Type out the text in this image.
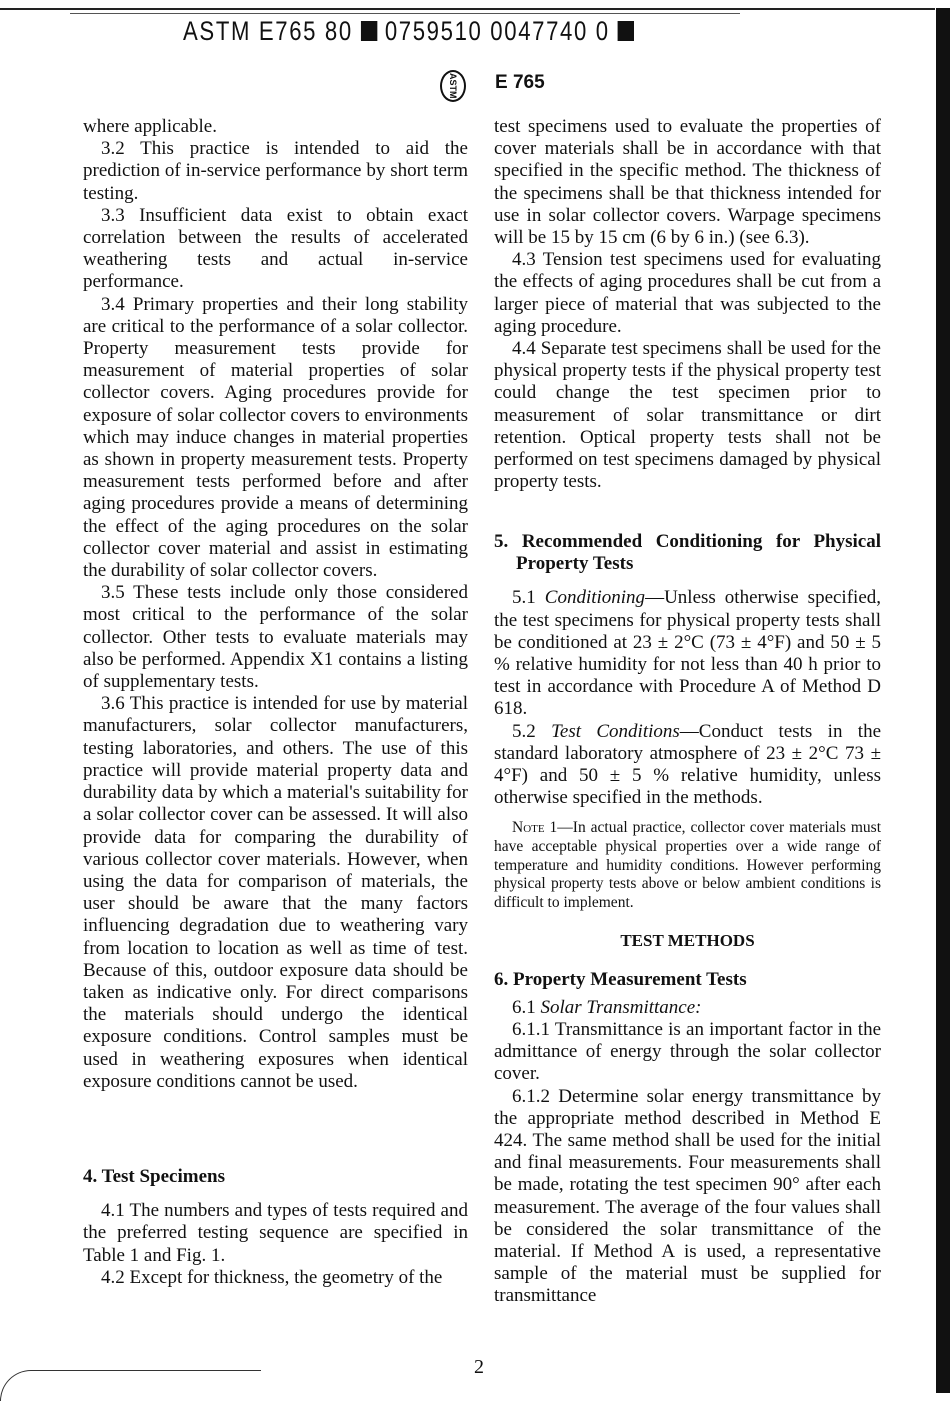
ASTM E765 80 0759510 0047740 0
ASTM	E 765

where applicable.

3.2 This practice is intended to aid the prediction of in-service performance by short term testing.

3.3 Insufficient data exist to obtain exact correlation between the results of accelerated weathering tests and actual in-service performance.

3.4 Primary properties and their long stability are critical to the performance of a solar collector. Property measurement tests provide for measurement of material properties of solar collector covers. Aging procedures provide for exposure of solar collector covers to environments which may induce changes in material properties as shown in property measurement tests. Property measurement tests performed before and after aging procedures provide a means of determining the effect of the aging procedures on the solar collector cover material and assist in estimating the durability of solar collector covers.

3.5 These tests include only those considered most critical to the performance of the solar collector. Other tests to evaluate materials may also be performed. Appendix X1 contains a listing of supplementary tests.

3.6 This practice is intended for use by material manufacturers, solar collector manufacturers, testing laboratories, and others. The use of this practice will provide material property data and durability data by which a material's suitability for a solar collector cover can be assessed. It will also provide data for comparing the durability of various collector cover materials. However, when using the data for comparison of materials, the user should be aware that the many factors influencing degradation due to weathering vary from location to location as well as time of test. Because of this, outdoor exposure data should be taken as indicative only. For direct comparisons the materials should undergo the identical exposure conditions. Control samples must be used in weathering exposures when identical exposure conditions cannot be used.

4. Test Specimens

4.1 The numbers and types of tests required and the preferred testing sequence are specified in Table 1 and Fig. 1.

4.2 Except for thickness, the geometry of the

test specimens used to evaluate the properties of cover materials shall be in accordance with that specified in the specific method. The thickness of the specimens shall be that thickness intended for use in solar collector covers. Warpage specimens will be 15 by 15 cm (6 by 6 in.) (see 6.3).

4.3 Tension test specimens used for evaluating the effects of aging procedures shall be cut from a larger piece of material that was subjected to the aging procedure.

4.4 Separate test specimens shall be used for the physical property tests if the physical property test could change the test specimen prior to measurement of solar transmittance or dirt retention. Optical property tests shall not be performed on test specimens damaged by physical property tests.

5. Recommended Conditioning for Physical Property Tests

5.1 Conditioning—Unless otherwise specified, the test specimens for physical property tests shall be conditioned at 23 ± 2°C (73 ± 4°F) and 50 ± 5 % relative humidity for not less than 40 h prior to test in accordance with Procedure A of Method D 618.

5.2 Test Conditions—Conduct tests in the standard laboratory atmosphere of 23 ± 2°C 73 ± 4°F) and 50 ± 5 % relative humidity, unless otherwise specified in the methods.

Note 1—In actual practice, collector cover materials must have acceptable physical properties over a wide range of temperature and humidity conditions. However performing physical property tests above or below ambient conditions is difficult to implement.
TEST METHODS
6. Property Measurement Tests

6.1 Solar Transmittance:

6.1.1 Transmittance is an important factor in the admittance of energy through the solar collector cover.

6.1.2 Determine solar energy transmittance by the appropriate method described in Method E 424. The same method shall be used for the initial and final measurements. Four measurements shall be made, rotating the test specimen 90° after each measurement. The average of the four values shall be considered the solar transmittance of the material. If Method A is used, a representative sample of the material must be supplied for transmittance

2
